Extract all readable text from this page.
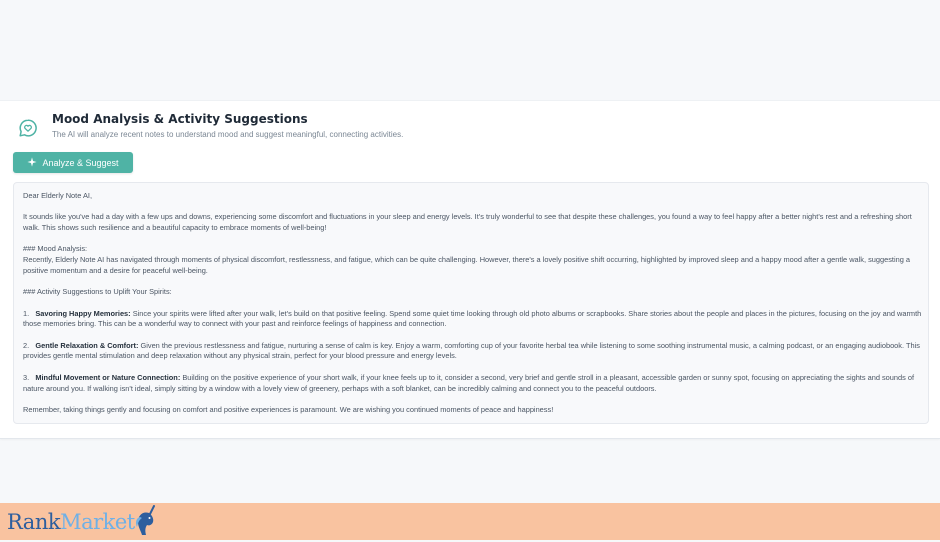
Mood Analysis & Activity Suggestions
The AI will analyze recent notes to understand mood and suggest meaningful, connecting activities.
Analyze & Suggest

Dear Elderly Note AI,

It sounds like you've had a day with a few ups and downs, experiencing some discomfort and fluctuations in your sleep and energy levels. It's truly wonderful to see that despite these challenges, you found a way to feel happy after a better night's rest and a refreshing short walk. This shows such resilience and a beautiful capacity to embrace moments of well-being!

### Mood Analysis:
Recently, Elderly Note AI has navigated through moments of physical discomfort, restlessness, and fatigue, which can be quite challenging. However, there's a lovely positive shift occurring, highlighted by improved sleep and a happy mood after a gentle walk, suggesting a positive momentum and a desire for peaceful well-being.

### Activity Suggestions to Uplift Your Spirits:

1. Savoring Happy Memories: Since your spirits were lifted after your walk, let's build on that positive feeling. Spend some quiet time looking through old photo albums or scrapbooks. Share stories about the people and places in the pictures, focusing on the joy and warmth those memories bring. This can be a wonderful way to connect with your past and reinforce feelings of happiness and connection.

2. Gentle Relaxation & Comfort: Given the previous restlessness and fatigue, nurturing a sense of calm is key. Enjoy a warm, comforting cup of your favorite herbal tea while listening to some soothing instrumental music, a calming podcast, or an engaging audiobook. This provides gentle mental stimulation and deep relaxation without any physical strain, perfect for your blood pressure and energy levels.

3. Mindful Movement or Nature Connection: Building on the positive experience of your short walk, if your knee feels up to it, consider a second, very brief and gentle stroll in a pleasant, accessible garden or sunny spot, focusing on appreciating the sights and sounds of nature around you. If walking isn't ideal, simply sitting by a window with a lovely view of greenery, perhaps with a soft blanket, can be incredibly calming and connect you to the peaceful outdoors.

Remember, taking things gently and focusing on comfort and positive experiences is paramount. We are wishing you continued moments of peace and happiness!

Rank Market
